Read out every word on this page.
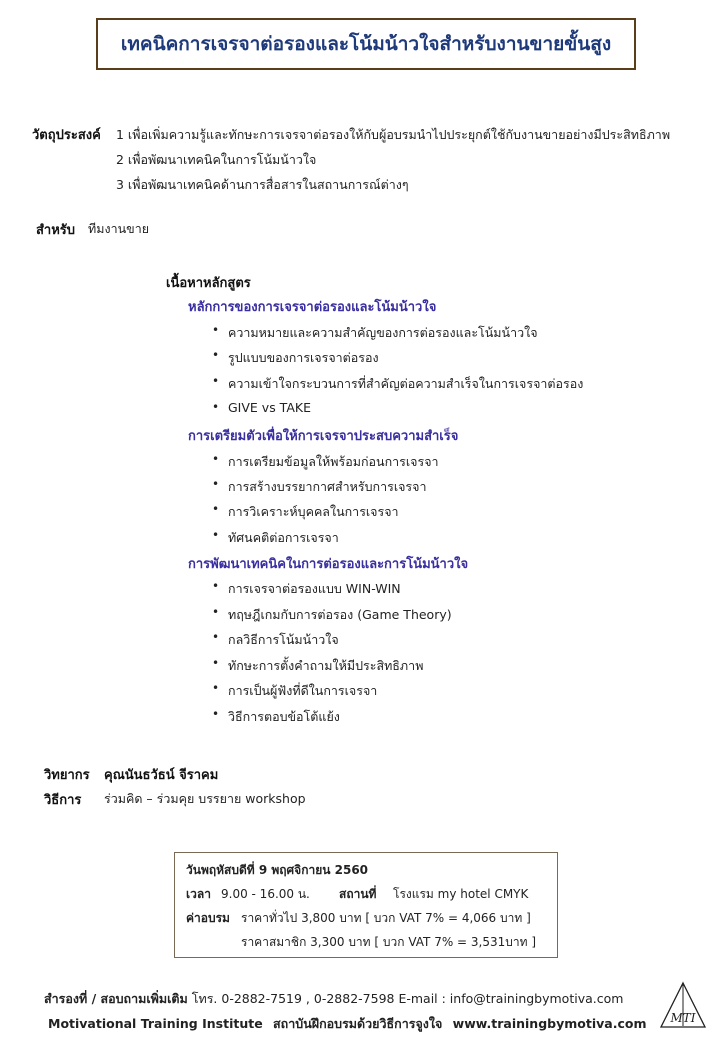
เทคนิคการเจรจาต่อรองและโน้มน้าวใจสำหรับงานขายขั้นสูง
วัตถุประสงค์ 1 เพื่อเพิ่มความรู้และทักษะการเจรจาต่อรองให้กับผู้อบรมนำไปประยุกต์ใช้กับงานขายอย่างมีประสิทธิภาพ
2 เพื่อพัฒนาเทคนิคในการโน้มน้าวใจ
3 เพื่อพัฒนาเทคนิคด้านการสื่อสารในสถานการณ์ต่างๆ
สำหรับ ทีมงานขาย
เนื้อหาหลักสูตร
หลักการของการเจรจาต่อรองและโน้มน้าวใจ
• ความหมายและความสำคัญของการต่อรองและโน้มน้าวใจ
• รูปแบบของการเจรจาต่อรอง
• ความเข้าใจกระบวนการที่สำคัญต่อความสำเร็จในการเจรจาต่อรอง
• GIVE vs TAKE
การเตรียมตัวเพื่อให้การเจรจาประสบความสำเร็จ
• การเตรียมข้อมูลให้พร้อมก่อนการเจรจา
• การสร้างบรรยากาศสำหรับการเจรจา
• การวิเคราะห์บุคคลในการเจรจา
• ทัศนคติต่อการเจรจา
การพัฒนาเทคนิคในการต่อรองและการโน้มน้าวใจ
• การเจรจาต่อรองแบบ WIN-WIN
• ทฤษฎีเกมกับการต่อรอง (Game Theory)
• กลวิธีการโน้มน้าวใจ
• ทักษะการตั้งคำถามให้มีประสิทธิภาพ
• การเป็นผู้ฟังที่ดีในการเจรจา
• วิธีการตอบข้อโต้แย้ง
วิทยากร คุณนันธวัธน์ จีราคม
วิธีการ ร่วมคิด – ร่วมคุย บรรยาย workshop
วันพฤหัสบดีที่ 9 พฤศจิกายน 2560
เวลา 9.00 - 16.00 น. สถานที่ โรงแรม my hotel CMYK
ค่าอบรม ราคาทั่วไป 3,800 บาท [ บวก VAT 7% = 4,066 บาท ]
ราคาสมาชิก 3,300 บาท [ บวก VAT 7% = 3,531บาท ]
สำรองที่ / สอบถามเพิ่มเติม โทร. 0-2882-7519 , 0-2882-7598 E-mail : info@trainingbymotiva.com
Motivational Training Institute สถาบันฝึกอบรมด้วยวิธีการจูงใจ www.trainingbymotiva.com MTI
